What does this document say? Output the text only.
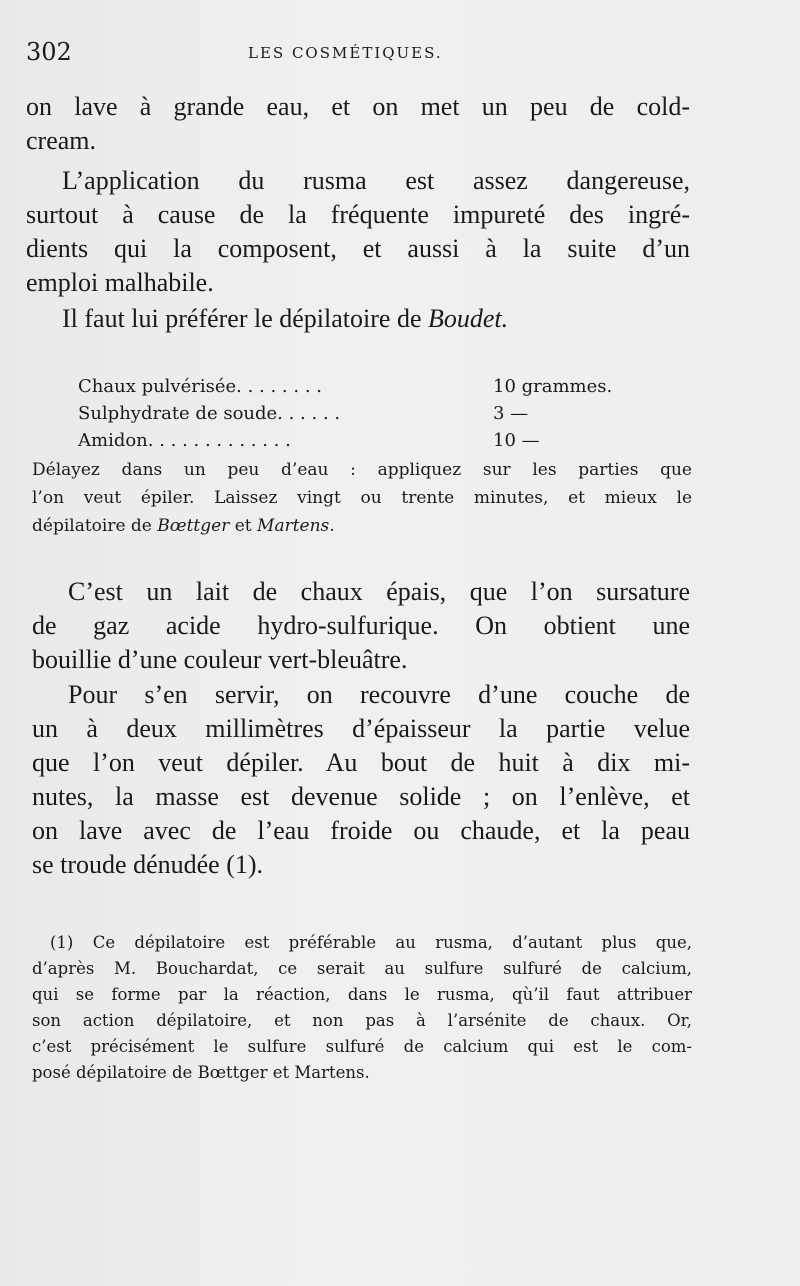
302	LES COSMÉTIQUES.
on lave à grande eau, et on met un peu de cold-
cream.
L’application du rusma est assez dangereuse,
surtout à cause de la fréquente impureté des ingré-
dients qui la composent, et aussi à la suite d’un
emploi malhabile.
Il faut lui préférer le dépilatoire de Boudet.
Chaux pulvérisée. . . . . . . .	10 grammes.
Sulphydrate de soude. . . . . .	3 —
Amidon. . . . . . . . . . . . .	10 —
Délayez dans un peu d’eau : appliquez sur les parties que
l’on veut épiler. Laissez vingt ou trente minutes, et mieux le
dépilatoire de Bœttger et Martens.
C’est un lait de chaux épais, que l’on sursature
de gaz acide hydro-sulfurique. On obtient une
bouillie d’une couleur vert-bleuâtre.
Pour s’en servir, on recouvre d’une couche de
un à deux millimètres d’épaisseur la partie velue
que l’on veut dépiler. Au bout de huit à dix mi-
nutes, la masse est devenue solide ; on l’enlève, et
on lave avec de l’eau froide ou chaude, et la peau
se troude dénudée (1).
(1) Ce dépilatoire est préférable au rusma, d’autant plus que,
d’après M. Bouchardat, ce serait au sulfure sulfuré de calcium,
qui se forme par la réaction, dans le rusma, qù’il faut attribuer
son action dépilatoire, et non pas à l’arsénite de chaux. Or,
c’est précisément le sulfure sulfuré de calcium qui est le com-
posé dépilatoire de Bœttger et Martens.
